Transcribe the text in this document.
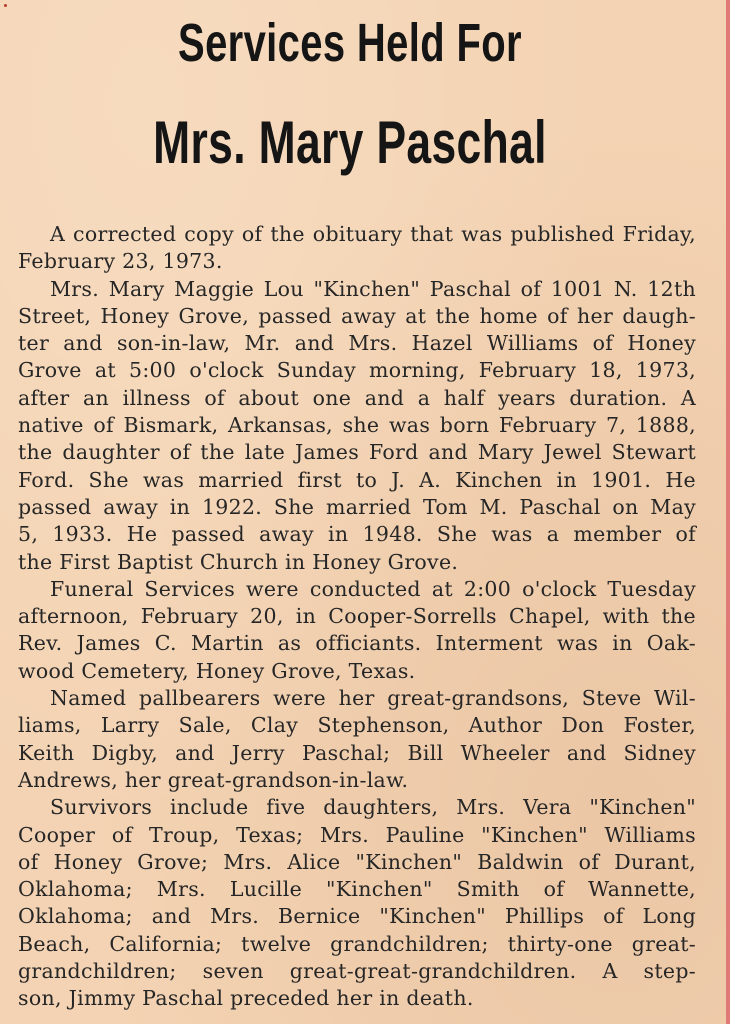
Services Held For
Mrs. Mary Paschal
A corrected copy of the obituary that was published Friday,
February 23, 1973.
Mrs. Mary Maggie Lou "Kinchen" Paschal of 1001 N. 12th
Street, Honey Grove, passed away at the home of her daugh-
ter and son-in-law, Mr. and Mrs. Hazel Williams of Honey
Grove at 5:00 o'clock Sunday morning, February 18, 1973,
after an illness of about one and a half years duration. A
native of Bismark, Arkansas, she was born February 7, 1888,
the daughter of the late James Ford and Mary Jewel Stewart
Ford. She was married first to J. A. Kinchen in 1901. He
passed away in 1922. She married Tom M. Paschal on May
5, 1933. He passed away in 1948. She was a member of
the First Baptist Church in Honey Grove.
Funeral Services were conducted at 2:00 o'clock Tuesday
afternoon, February 20, in Cooper-Sorrells Chapel, with the
Rev. James C. Martin as officiants. Interment was in Oak-
wood Cemetery, Honey Grove, Texas.
Named pallbearers were her great-grandsons, Steve Wil-
liams, Larry Sale, Clay Stephenson, Author Don Foster,
Keith Digby, and Jerry Paschal; Bill Wheeler and Sidney
Andrews, her great-grandson-in-law.
Survivors include five daughters, Mrs. Vera "Kinchen"
Cooper of Troup, Texas; Mrs. Pauline "Kinchen" Williams
of Honey Grove; Mrs. Alice "Kinchen" Baldwin of Durant,
Oklahoma; Mrs. Lucille "Kinchen" Smith of Wannette,
Oklahoma; and Mrs. Bernice "Kinchen" Phillips of Long
Beach, California; twelve grandchildren; thirty-one great-
grandchildren; seven great-great-grandchildren. A step-
son, Jimmy Paschal preceded her in death.
